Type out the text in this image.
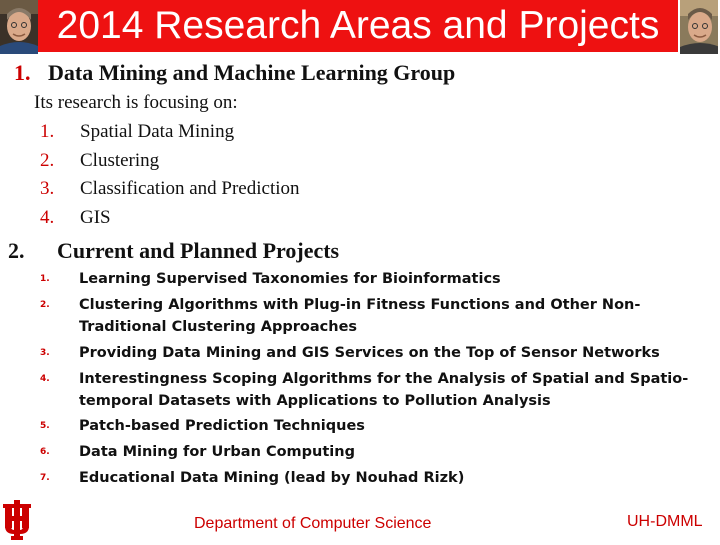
2014 Research Areas and Projects
1. Data Mining and Machine Learning Group
Its research is focusing on:
1. Spatial Data Mining
2. Clustering
3. Classification and Prediction
4. GIS
2. Current and Planned Projects
1. Learning Supervised Taxonomies for Bioinformatics
2. Clustering Algorithms with Plug-in Fitness Functions and Other Non-Traditional Clustering Approaches
3. Providing Data Mining and GIS Services on the Top of Sensor Networks
4. Interestingness Scoping Algorithms for the Analysis of Spatial and Spatio-temporal Datasets with Applications to Pollution Analysis
5. Patch-based Prediction Techniques
6. Data Mining for Urban Computing
7. Educational Data Mining (lead by Nouhad Rizk)
Department of Computer Science	UH-DMML
